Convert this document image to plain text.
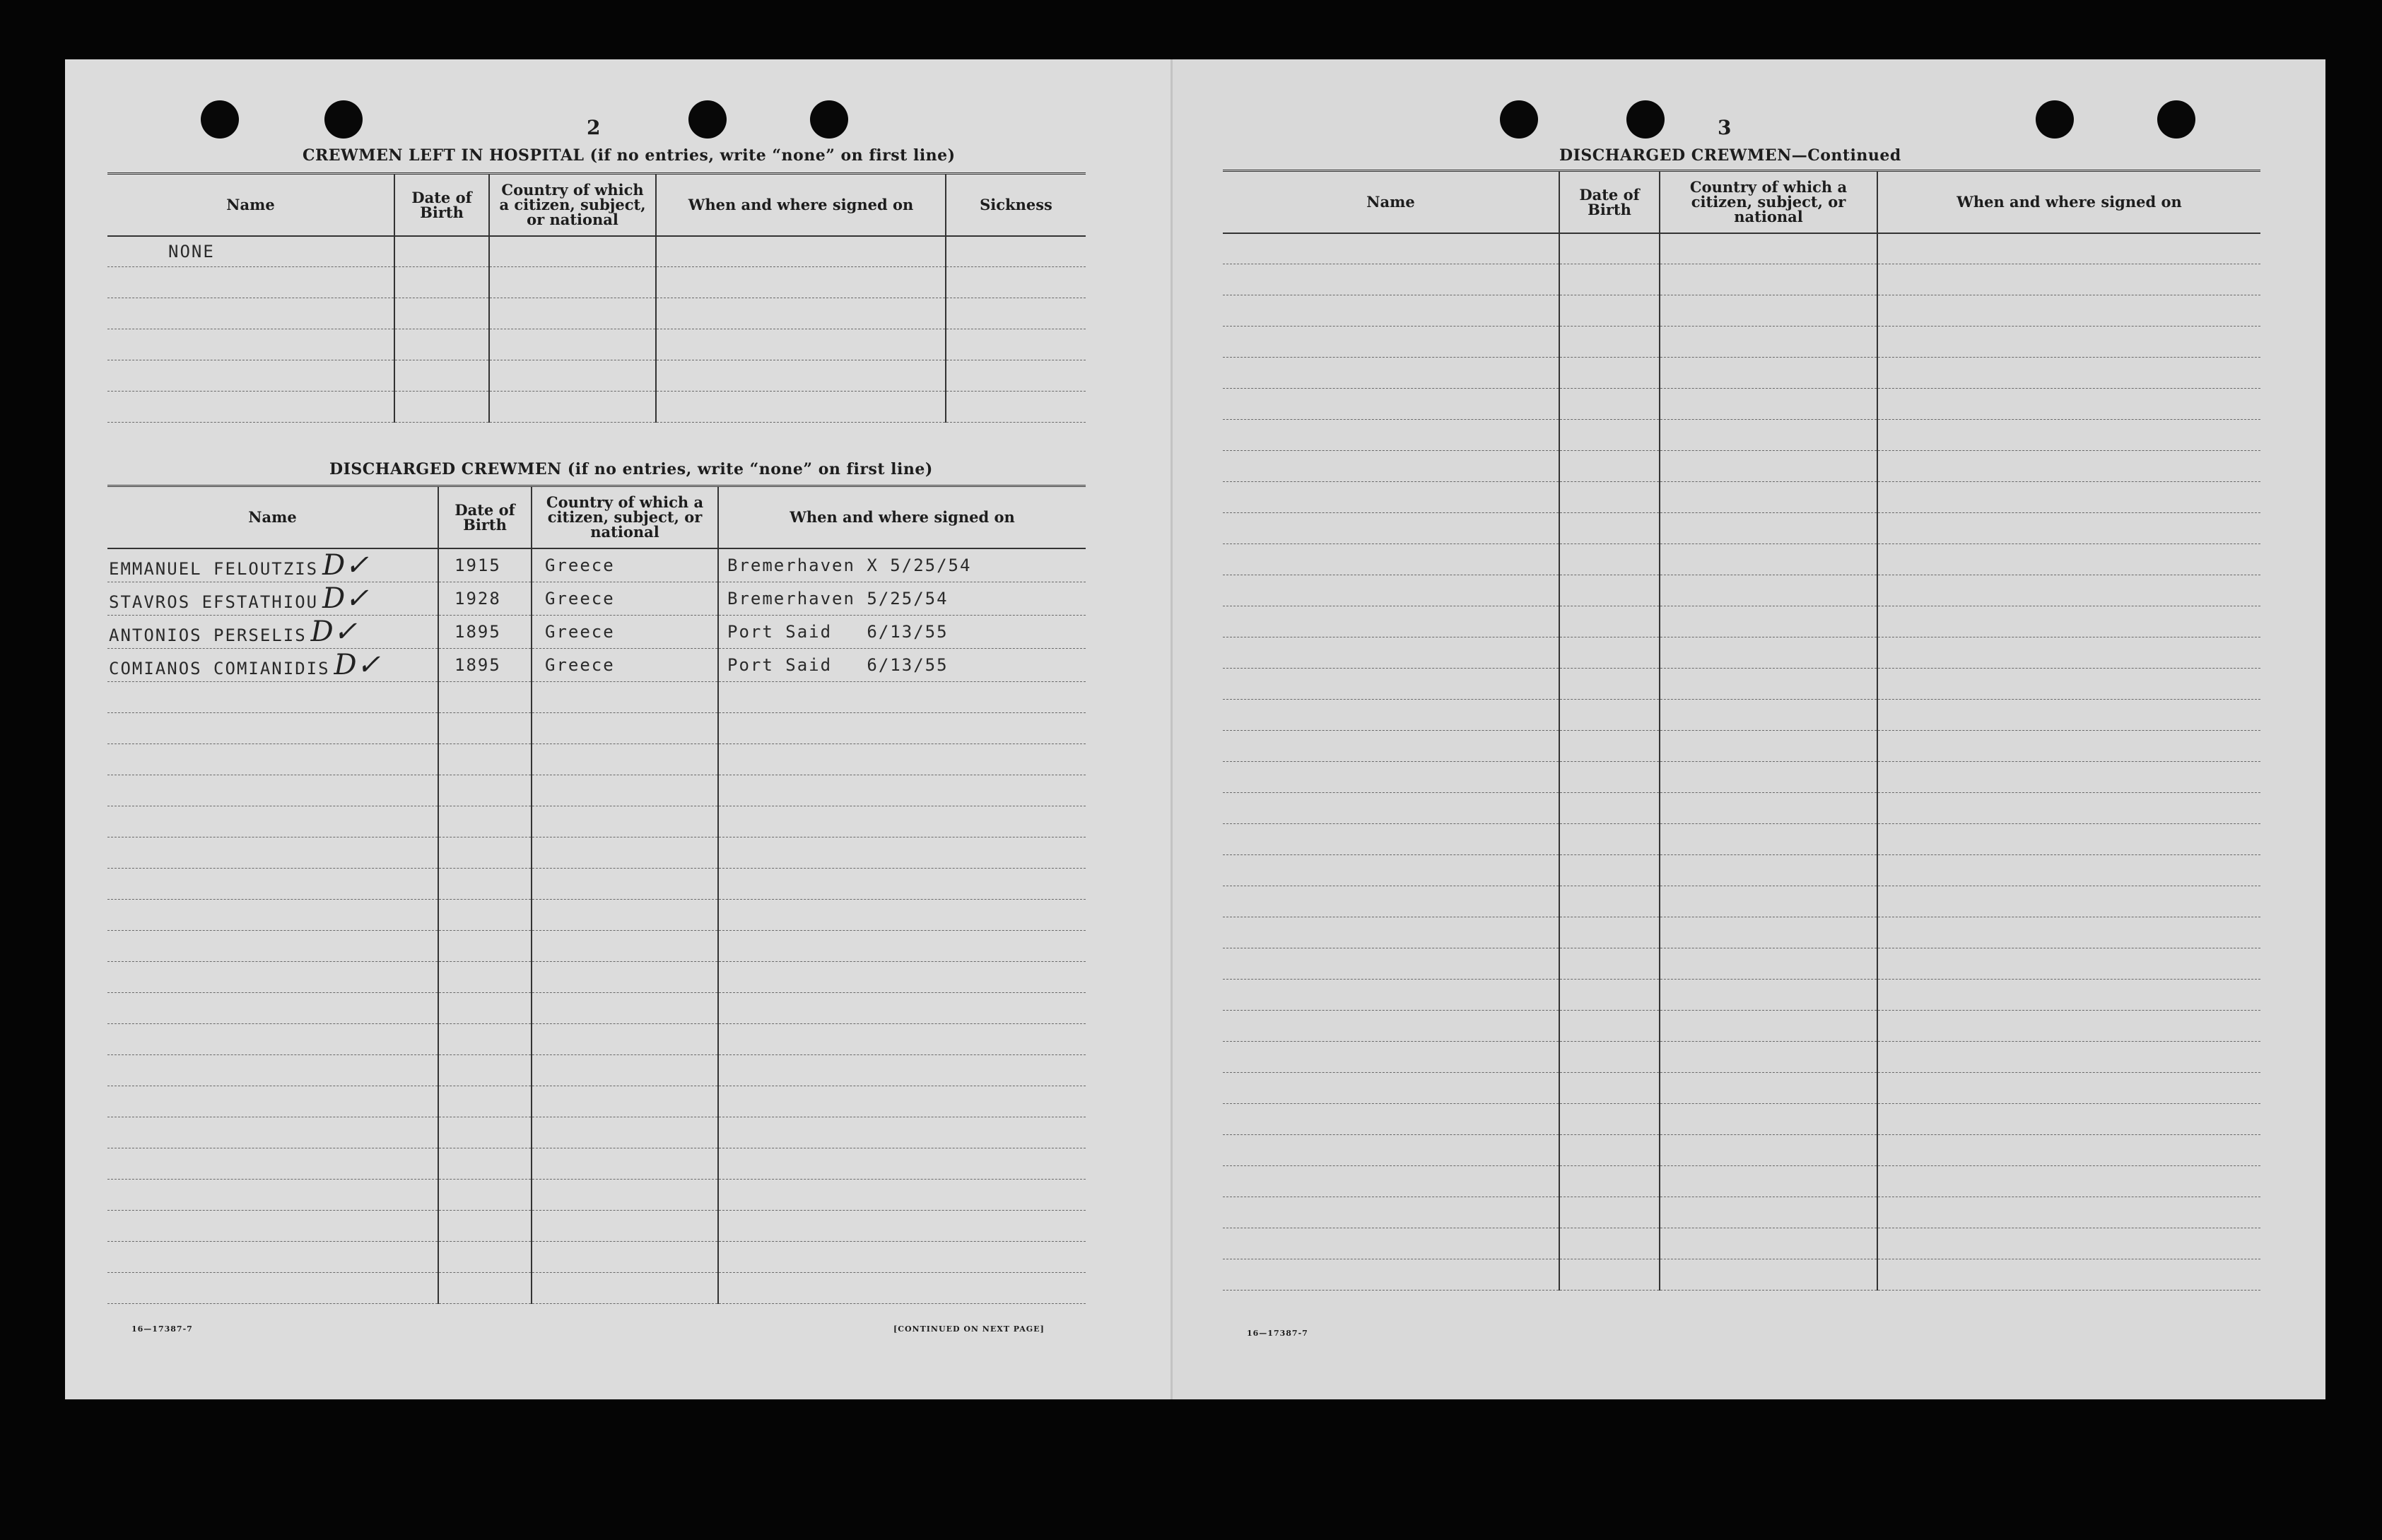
2
CREWMEN LEFT IN HOSPITAL (if no entries, write “none” on first line)
Name	Date of Birth	Country of which a citizen, subject, or national	When and where signed on	Sickness
NONE				

DISCHARGED CREWMEN (if no entries, write “none” on first line)
Name	Date of Birth	Country of which a citizen, subject, or national	When and where signed on
EMMANUEL FELOUTZIS D✓	1915	Greece	Bremerhaven X 5/25/54
STAVROS EFSTATHIOU D✓	1928	Greece	Bremerhaven 5/25/54
ANTONIOS PERSELIS D✓	1895	Greece	Port Said   6/13/55
COMIANOS COMIANIDIS D✓	1895	Greece	Port Said   6/13/55

16—17387-7	[CONTINUED ON NEXT PAGE]
3
DISCHARGED CREWMEN—Continued
Name	Date of Birth	Country of which a citizen, subject, or national	When and where signed on

16—17387-7
